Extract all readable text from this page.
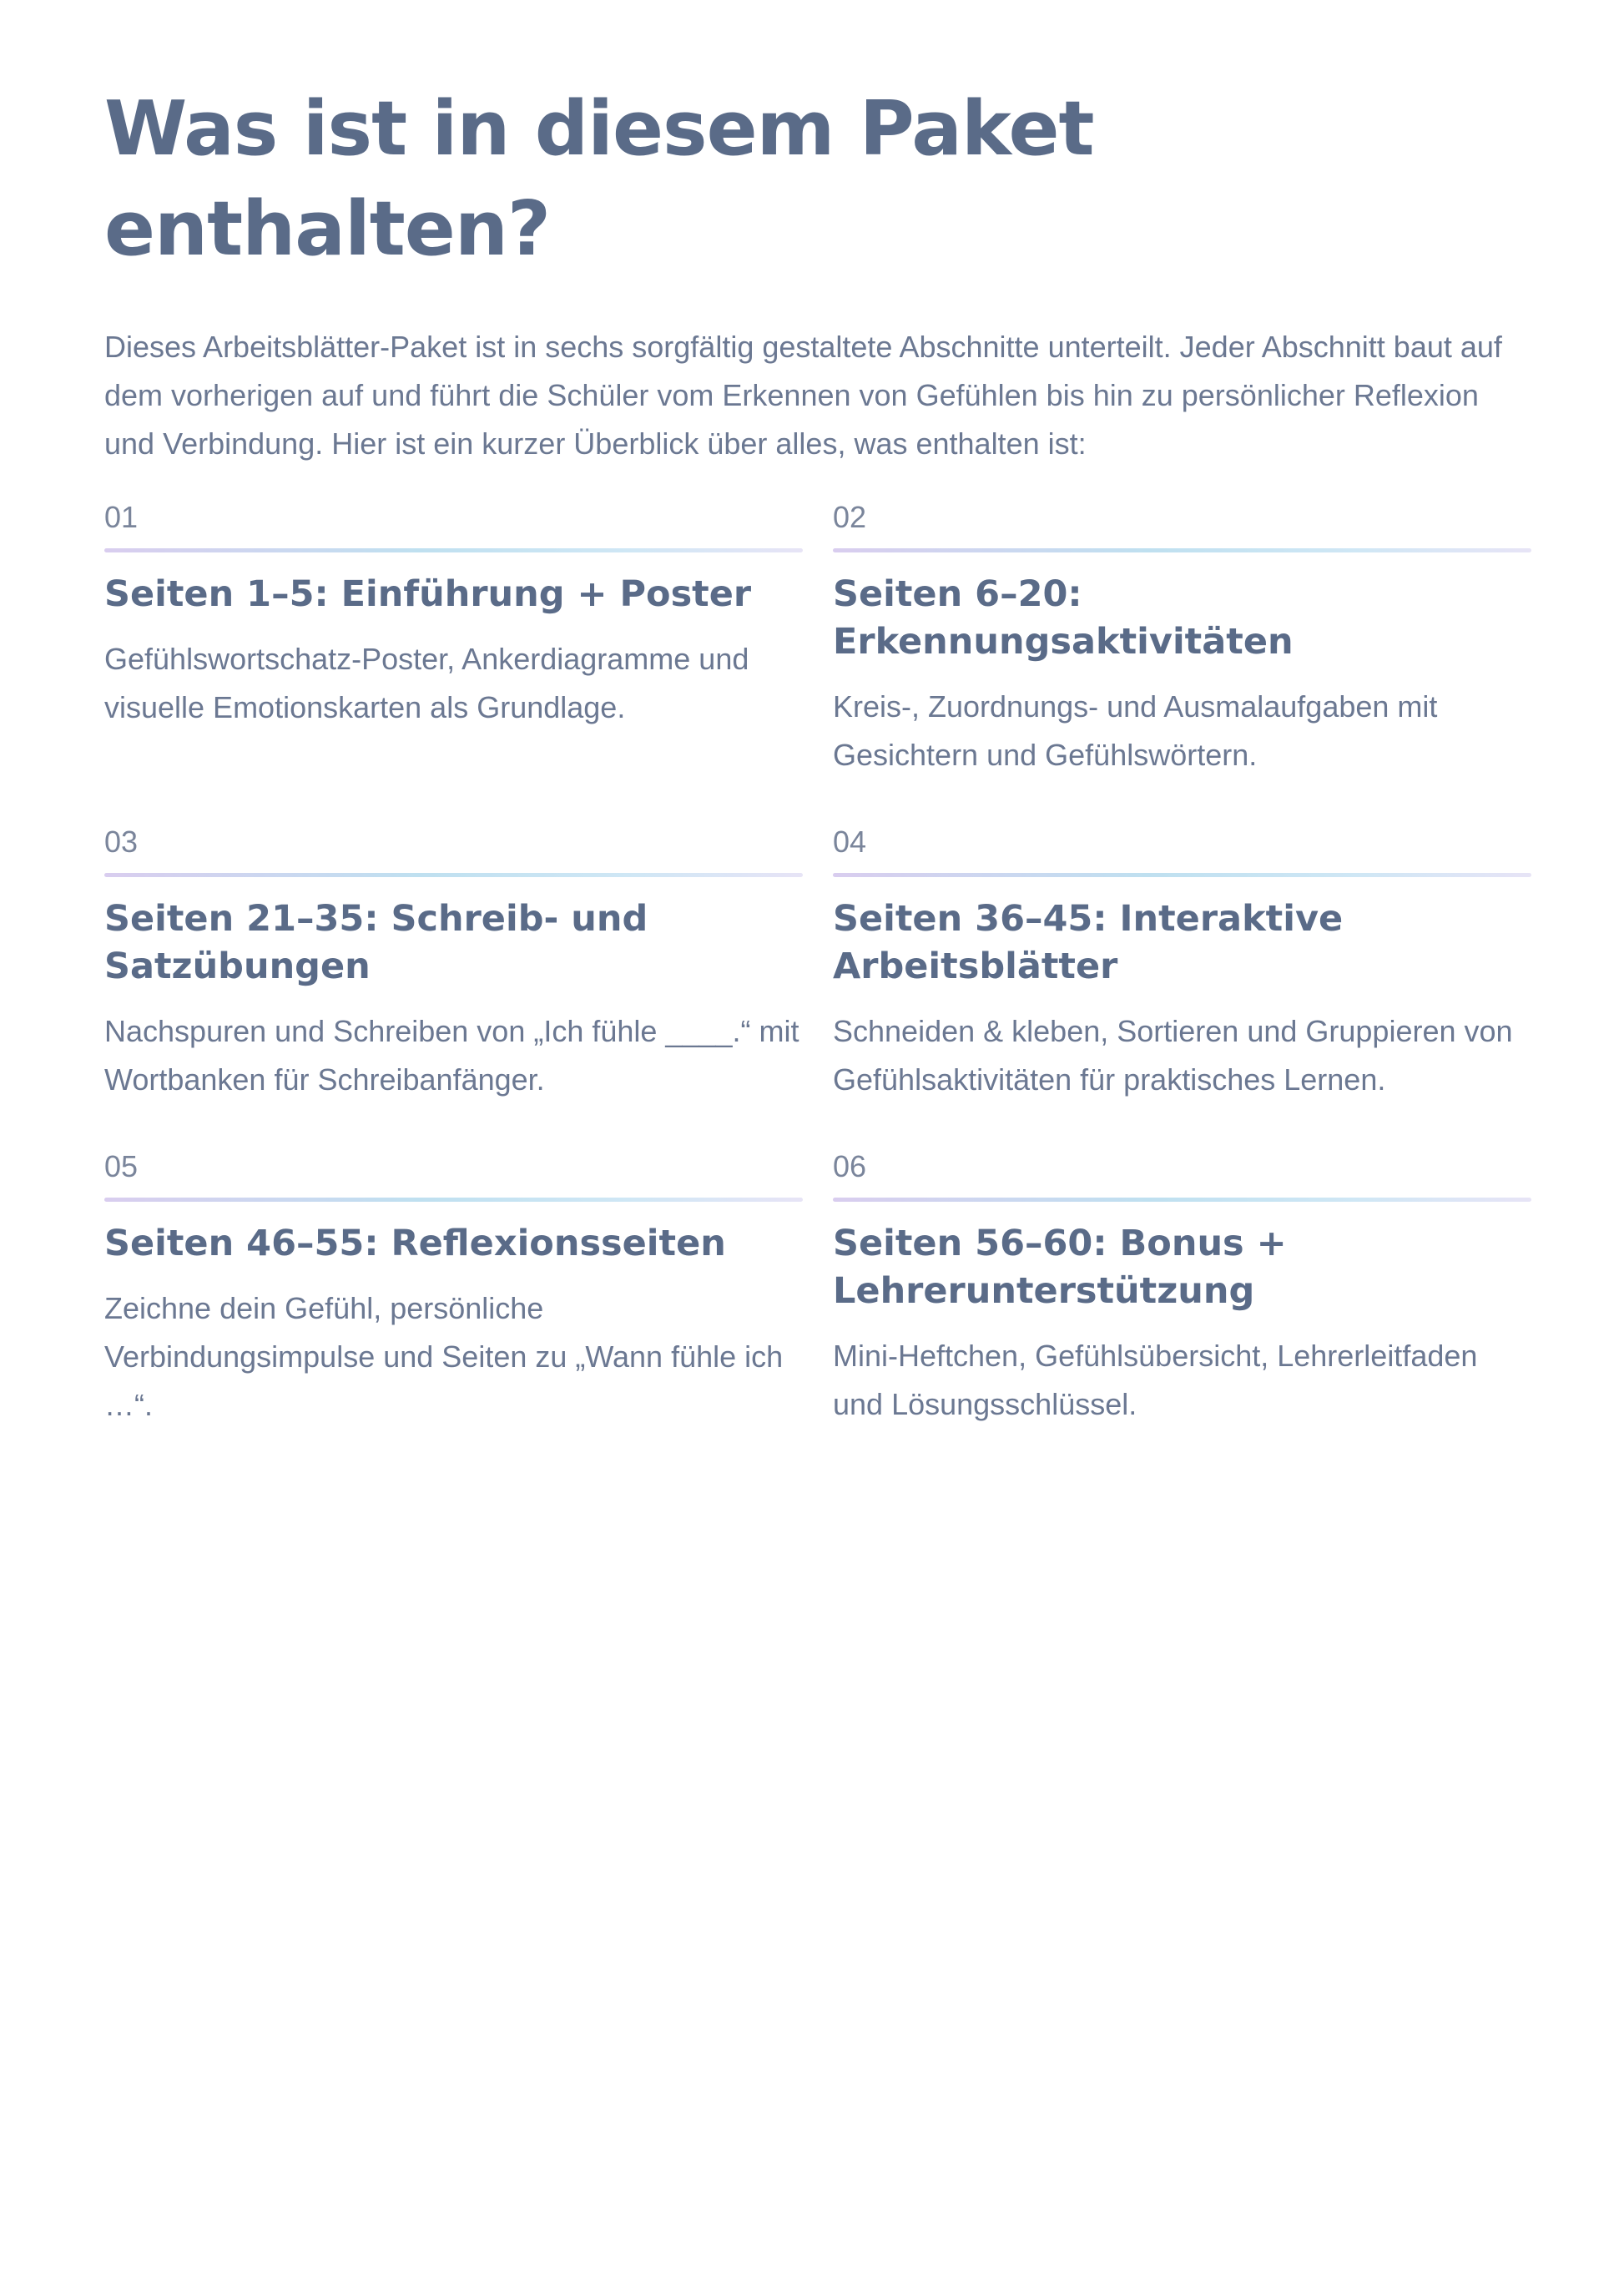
Was ist in diesem Paket enthalten?

Dieses Arbeitsblätter-Paket ist in sechs sorgfältig gestaltete Abschnitte unterteilt. Jeder Abschnitt baut auf dem vorherigen auf und führt die Schüler vom Erkennen von Gefühlen bis hin zu persönlicher Reflexion und Verbindung. Hier ist ein kurzer Überblick über alles, was enthalten ist:

01
Seiten 1–5: Einführung + Poster

Gefühlswortschatz-Poster, Ankerdiagramme und visuelle Emotionskarten als Grundlage.

02
Seiten 6–20: Erkennungsaktivitäten

Kreis-, Zuordnungs- und Ausmalaufgaben mit Gesichtern und Gefühlswörtern.

03
Seiten 21–35: Schreib- und Satzübungen

Nachspuren und Schreiben von „Ich fühle ____.“ mit Wortbanken für Schreibanfänger.

04
Seiten 36–45: Interaktive Arbeitsblätter

Schneiden & kleben, Sortieren und Gruppieren von Gefühlsaktivitäten für praktisches Lernen.

05
Seiten 46–55: Reflexionsseiten

Zeichne dein Gefühl, persönliche Verbindungsimpulse und Seiten zu „Wann fühle ich …“.

06
Seiten 56–60: Bonus + Lehrerunterstützung

Mini-Heftchen, Gefühlsübersicht, Lehrerleitfaden und Lösungsschlüssel.
